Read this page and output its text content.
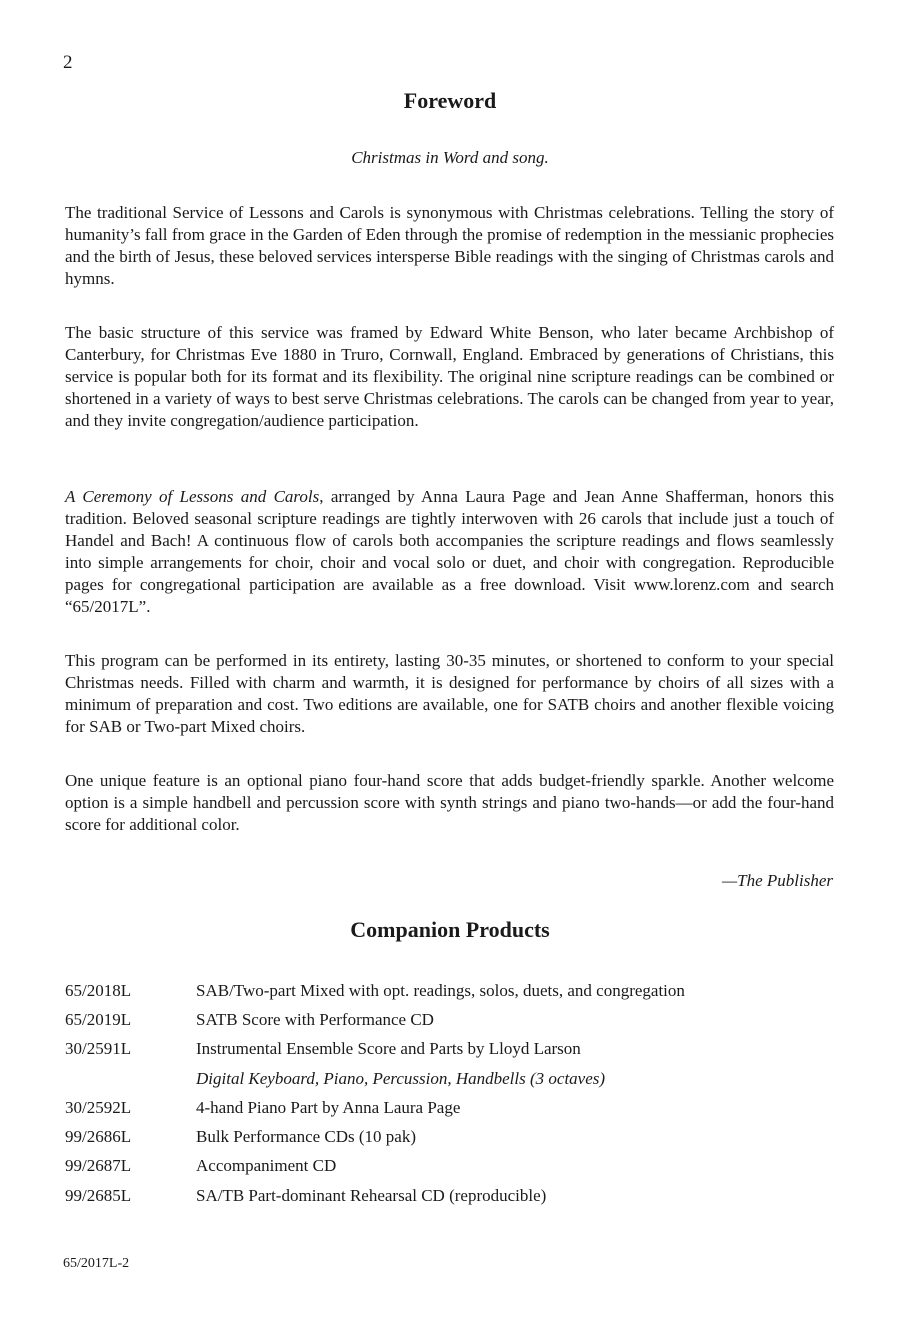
2
Foreword
Christmas in Word and song.

The traditional Service of Lessons and Carols is synonymous with Christmas celebrations. Telling the story of humanity’s fall from grace in the Garden of Eden through the promise of redemption in the messianic prophecies and the birth of Jesus, these beloved services intersperse Bible readings with the singing of Christmas carols and hymns.

The basic structure of this service was framed by Edward White Benson, who later became Archbishop of Canterbury, for Christmas Eve 1880 in Truro, Cornwall, England. Embraced by generations of Christians, this service is popular both for its format and its flexibility. The original nine scripture readings can be combined or shortened in a variety of ways to best serve Christmas celebrations. The carols can be changed from year to year, and they invite congregation/audience participation.

A Ceremony of Lessons and Carols, arranged by Anna Laura Page and Jean Anne Shafferman, honors this tradition. Beloved seasonal scripture readings are tightly interwoven with 26 carols that include just a touch of Handel and Bach! A continuous flow of carols both accompanies the scripture readings and flows seamlessly into simple arrangements for choir, choir and vocal solo or duet, and choir with congregation. Reproducible pages for congregational participation are available as a free download. Visit www.lorenz.com and search “65/2017L”.

This program can be performed in its entirety, lasting 30-35 minutes, or shortened to conform to your special Christmas needs. Filled with charm and warmth, it is designed for performance by choirs of all sizes with a minimum of preparation and cost. Two editions are available, one for SATB choirs and another flexible voicing for SAB or Two-part Mixed choirs.

One unique feature is an optional piano four-hand score that adds budget-friendly sparkle. Another welcome option is a simple handbell and percussion score with synth strings and piano two-hands—or add the four-hand score for additional color.

—The Publisher
Companion Products
65/2018L	SAB/Two-part Mixed with opt. readings, solos, duets, and congregation
65/2019L	SATB Score with Performance CD
30/2591L	Instrumental Ensemble Score and Parts by Lloyd Larson
Digital Keyboard, Piano, Percussion, Handbells (3 octaves)
30/2592L	4-hand Piano Part by Anna Laura Page
99/2686L	Bulk Performance CDs (10 pak)
99/2687L	Accompaniment CD
99/2685L	SA/TB Part-dominant Rehearsal CD (reproducible)
65/2017L-2
